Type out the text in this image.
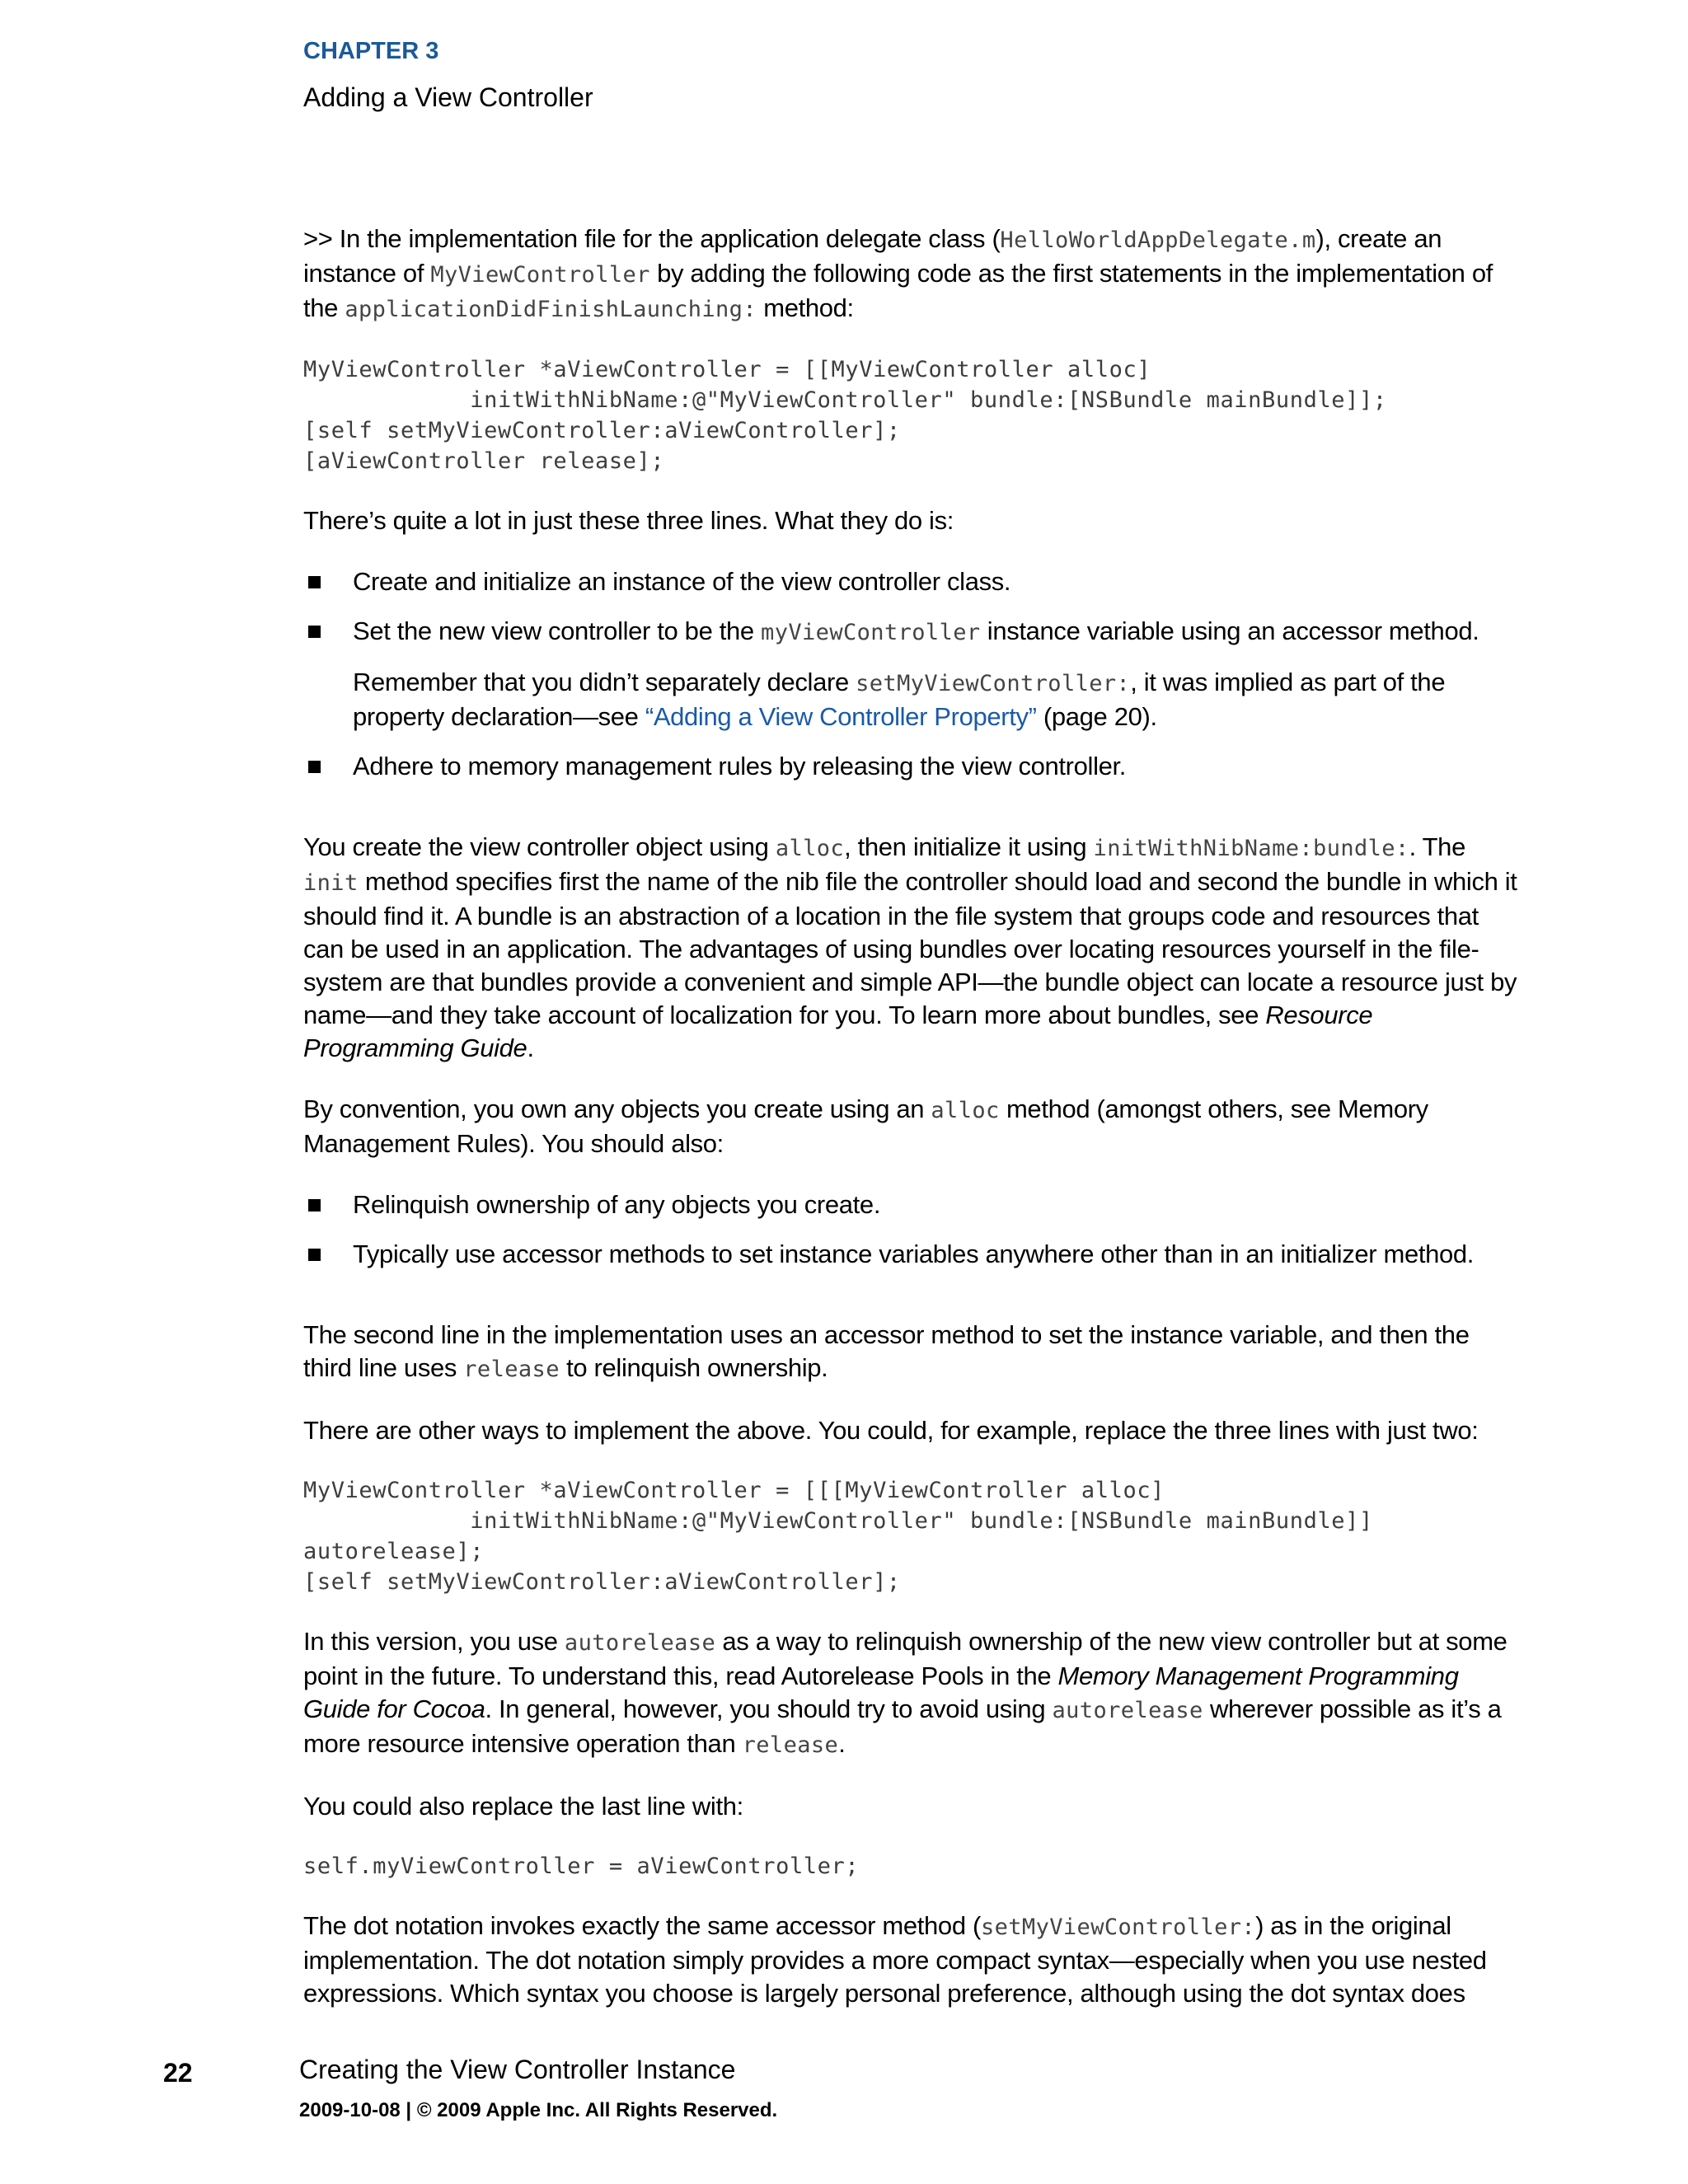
CHAPTER 3
Adding a View Controller

>> In the implementation file for the application delegate class (HelloWorldAppDelegate.m), create an instance of MyViewController by adding the following code as the first statements in the implementation of the applicationDidFinishLaunching: method:

MyViewController *aViewController = [[MyViewController alloc]
initWithNibName:@"MyViewController" bundle:[NSBundle mainBundle]];
[self setMyViewController:aViewController];
[aViewController release];

There’s quite a lot in just these three lines. What they do is:

Create and initialize an instance of the view controller class.
Set the new view controller to be the myViewController instance variable using an accessor method.
Remember that you didn’t separately declare setMyViewController:, it was implied as part of the property declaration—see “Adding a View Controller Property” (page 20).
Adhere to memory management rules by releasing the view controller.

You create the view controller object using alloc, then initialize it using initWithNibName:bundle:. The init method specifies first the name of the nib file the controller should load and second the bundle in which it should find it. A bundle is an abstraction of a location in the file system that groups code and resources that can be used in an application. The advantages of using bundles over locating resources yourself in the file-system are that bundles provide a convenient and simple API—the bundle object can locate a resource just by name—and they take account of localization for you. To learn more about bundles, see Resource Programming Guide.

By convention, you own any objects you create using an alloc method (amongst others, see Memory Management Rules). You should also:

Relinquish ownership of any objects you create.
Typically use accessor methods to set instance variables anywhere other than in an initializer method.

The second line in the implementation uses an accessor method to set the instance variable, and then the third line uses release to relinquish ownership.

There are other ways to implement the above. You could, for example, replace the three lines with just two:

MyViewController *aViewController = [[[MyViewController alloc]
initWithNibName:@"MyViewController" bundle:[NSBundle mainBundle]]
autorelease];
[self setMyViewController:aViewController];

In this version, you use autorelease as a way to relinquish ownership of the new view controller but at some point in the future. To understand this, read Autorelease Pools in the Memory Management Programming Guide for Cocoa. In general, however, you should try to avoid using autorelease wherever possible as it’s a more resource intensive operation than release.

You could also replace the last line with:

self.myViewController = aViewController;

The dot notation invokes exactly the same accessor method (setMyViewController:) as in the original implementation. The dot notation simply provides a more compact syntax—especially when you use nested expressions. Which syntax you choose is largely personal preference, although using the dot syntax does

22	Creating the View Controller Instance
2009-10-08 | © 2009 Apple Inc. All Rights Reserved.
